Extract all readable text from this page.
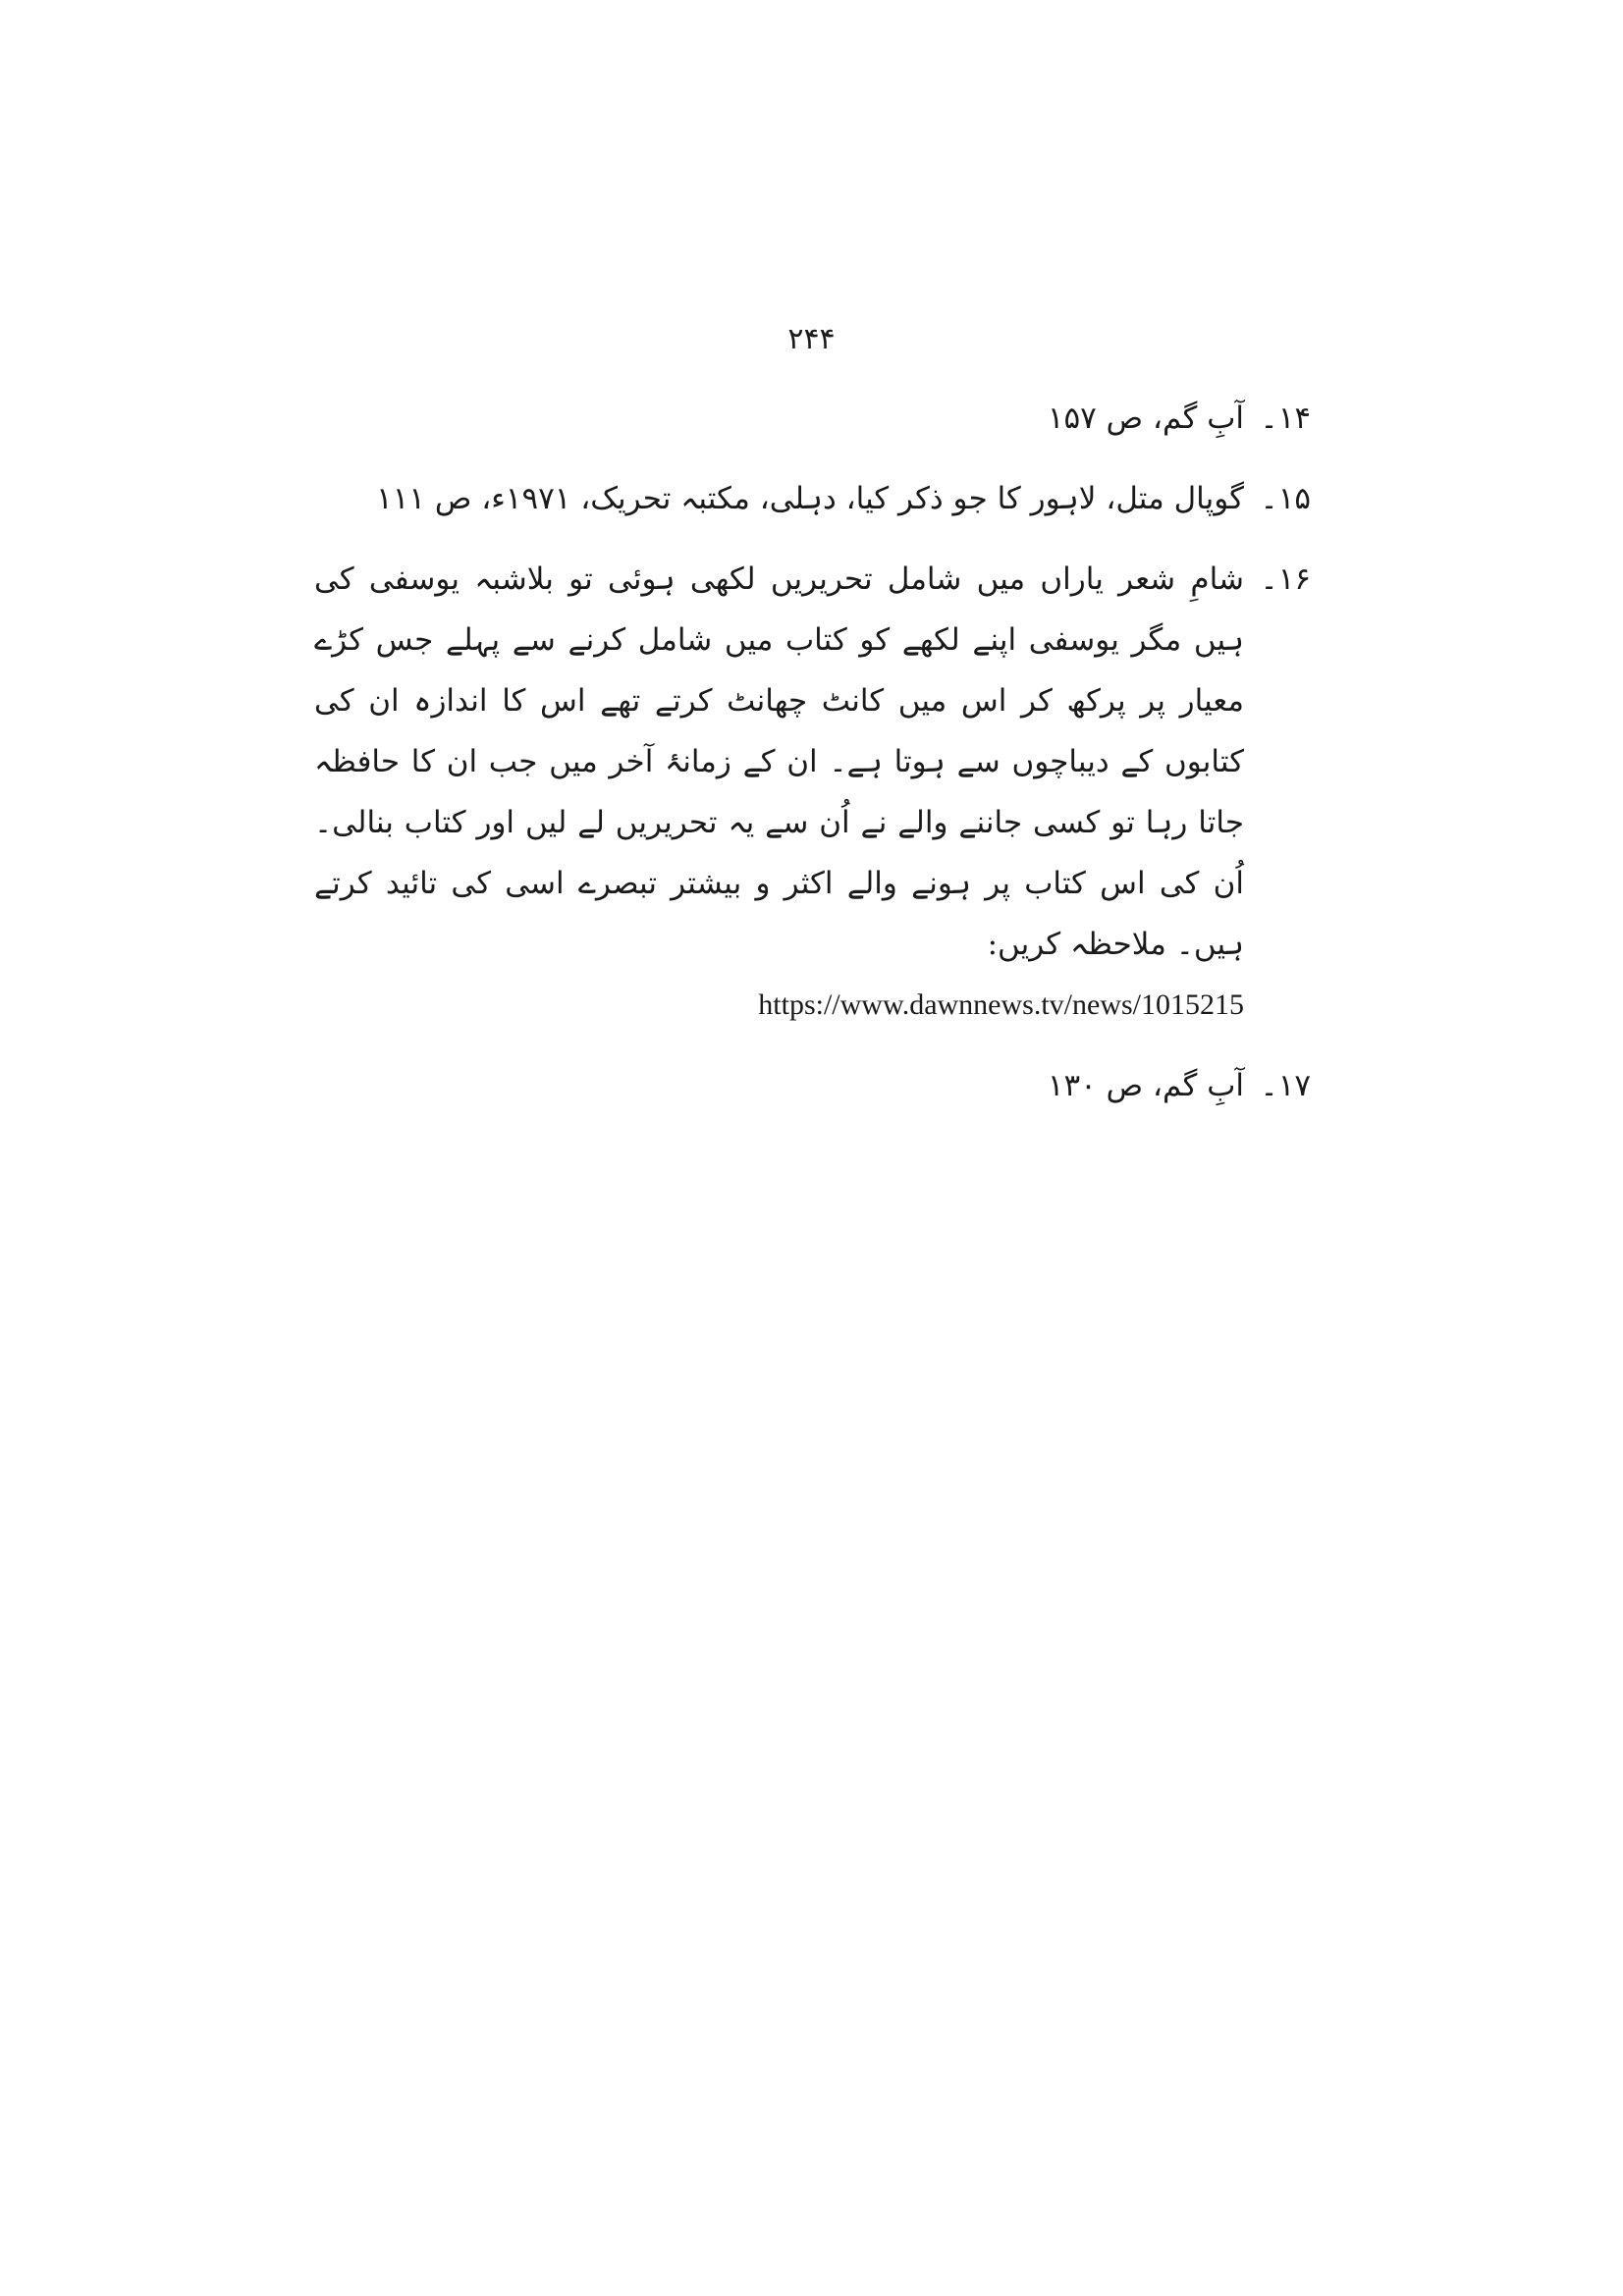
۲۴۴
۱۴۔
آبِ گم، ص ۱۵۷
۱۵۔
گوپال متل، لاہور کا جو ذکر کیا، دہلی، مکتبہ تحریک، ۱۹۷۱ء، ص ۱۱۱
۱۶۔
شامِ شعر یاراں میں شامل تحریریں لکھی ہوئی تو بلاشبہ یوسفی کی ہیں مگر یوسفی اپنے لکھے کو کتاب میں شامل کرنے سے پہلے جس کڑے معیار پر پرکھ کر اس میں کانٹ چھانٹ کرتے تھے اس کا اندازہ ان کی کتابوں کے دیباچوں سے ہوتا ہے۔ ان کے زمانۂ آخر میں جب ان کا حافظہ جاتا رہا تو کسی جاننے والے نے اُن سے یہ تحریریں لے لیں اور کتاب بنالی۔ اُن کی اس کتاب پر ہونے والے اکثر و بیشتر تبصرے اسی کی تائید کرتے ہیں۔ ملاحظہ کریں:
https://www.dawnnews.tv/news/1015215
۱۷۔
آبِ گم، ص ۱۳۰
